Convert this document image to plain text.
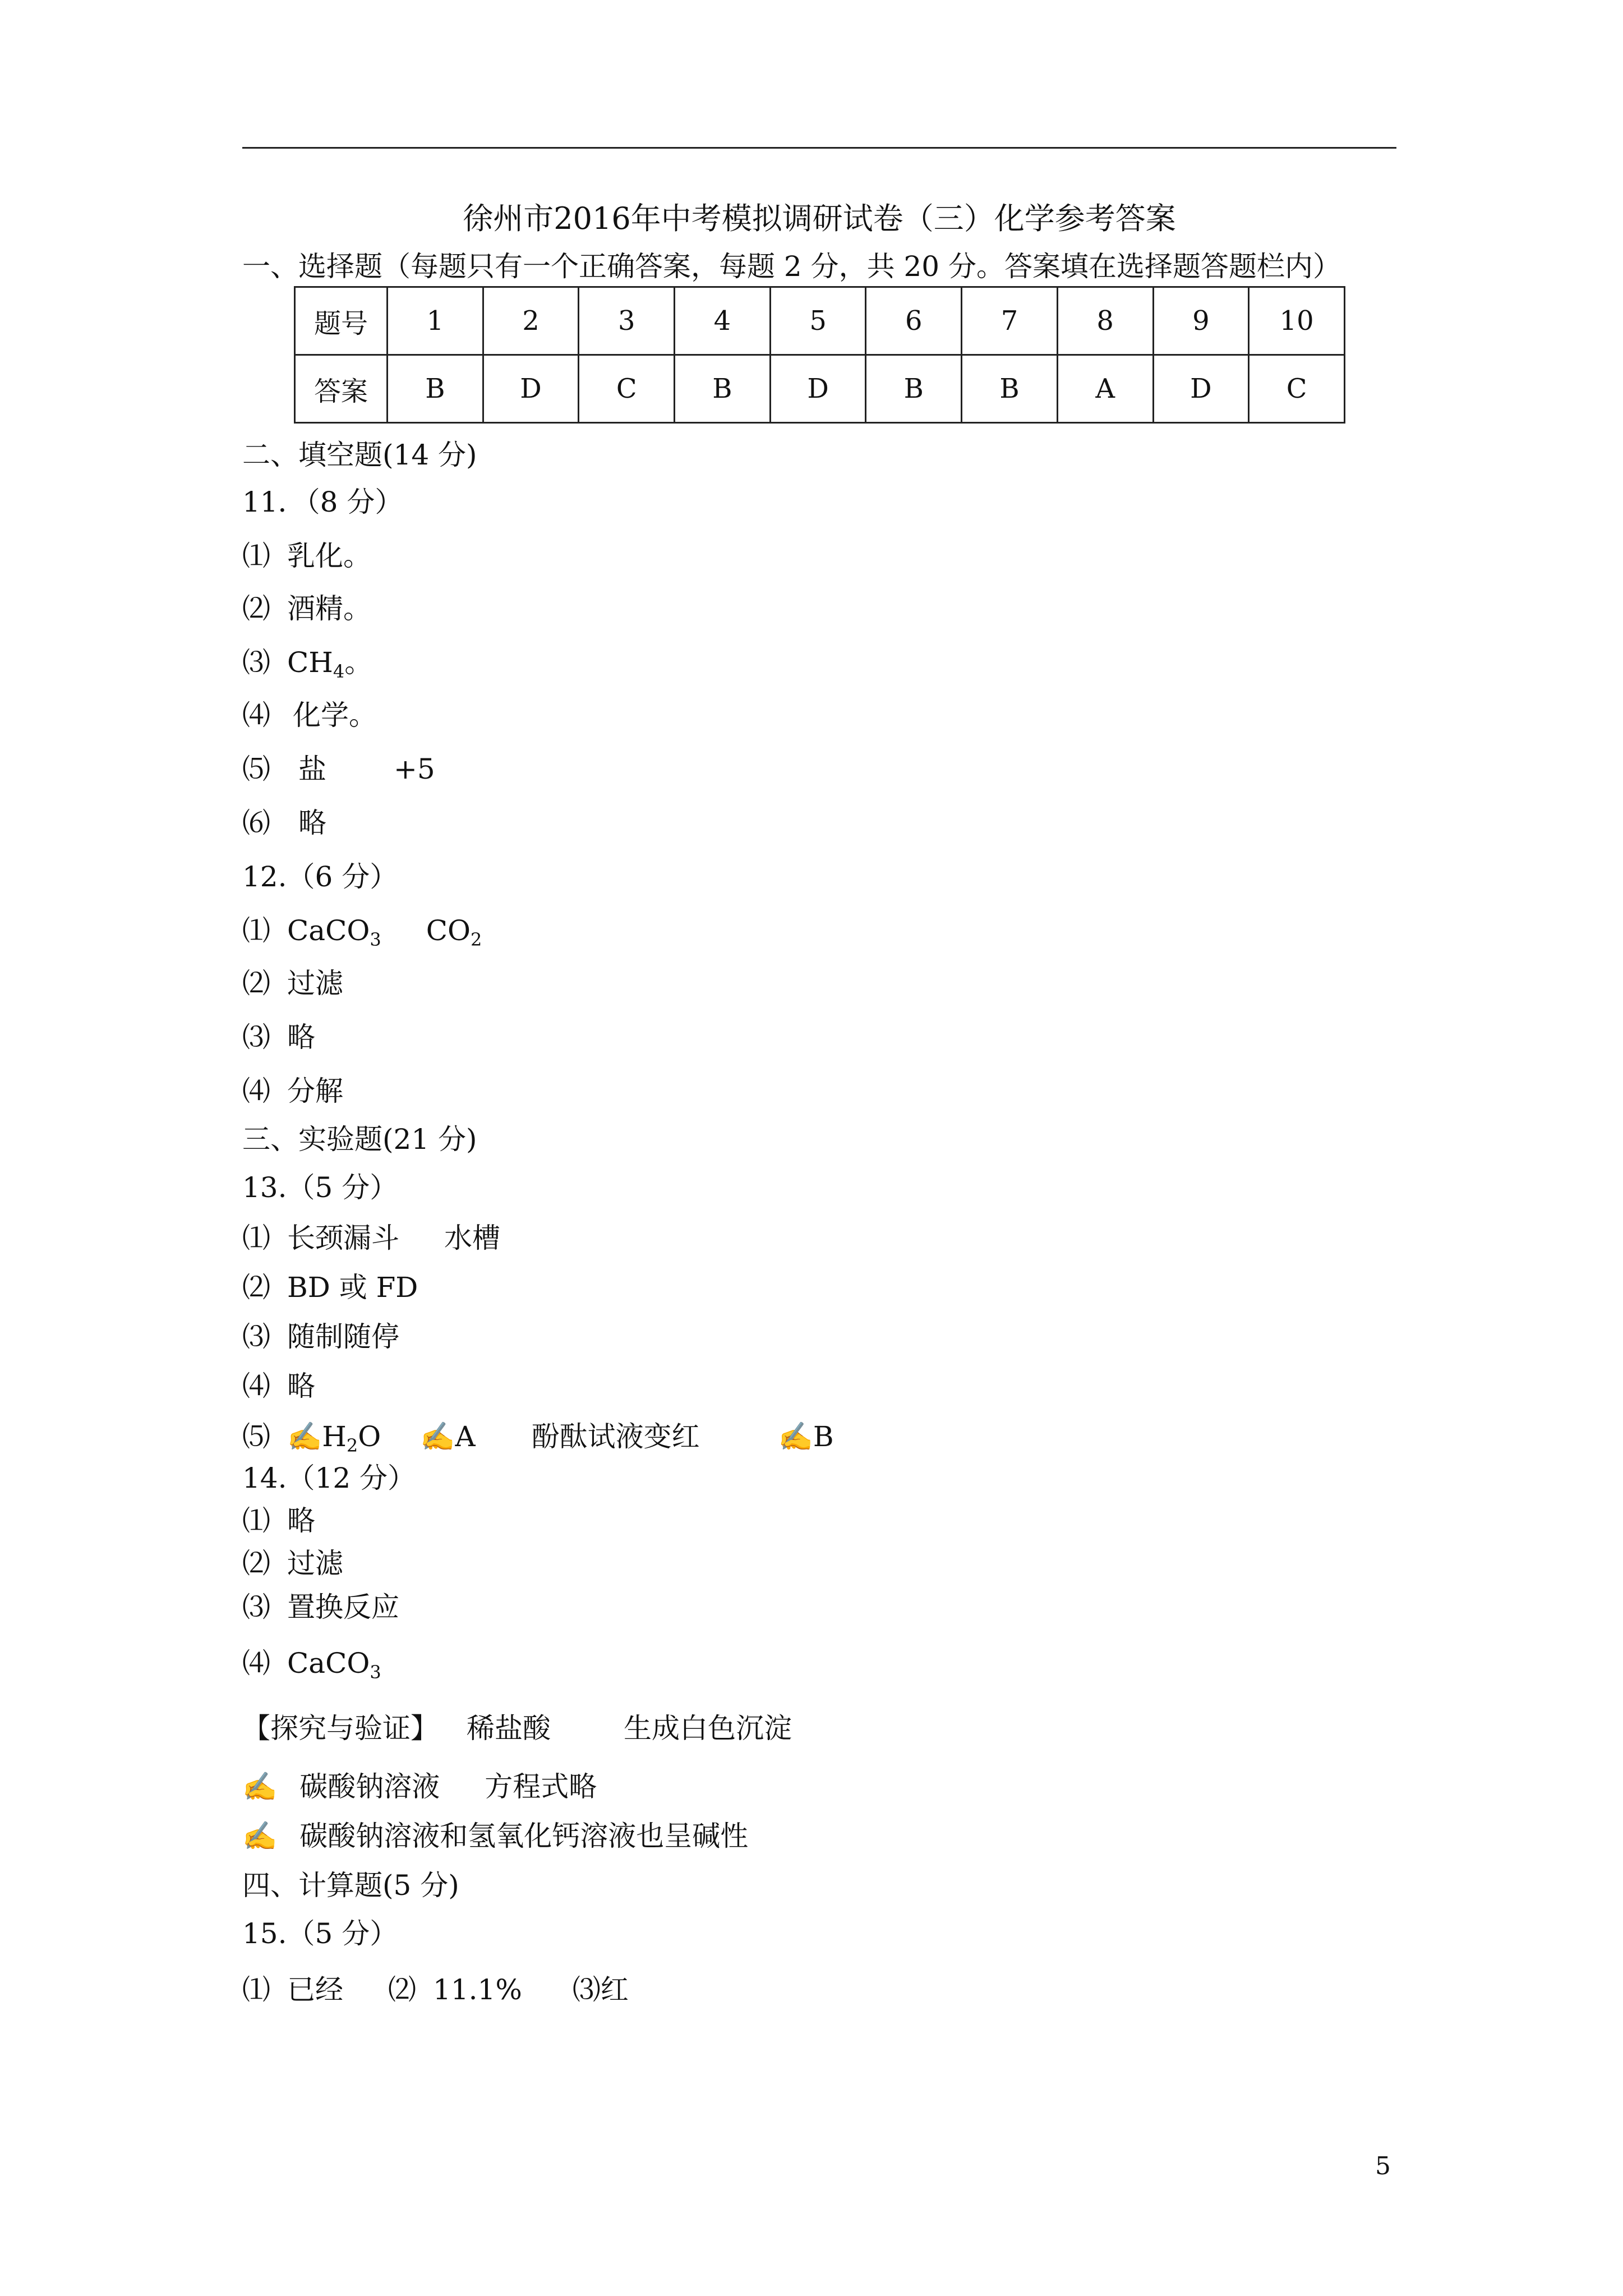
徐州市2016年中考模拟调研试卷（三）化学参考答案
一、选择题（每题只有一个正确答案，每题 2 分，共 20 分。答案填在选择题答题栏内）
题号	1	2	3	4	5	6	7	8	9	10
答案	B	D	C	B	D	B	B	A	D	C
二、填空题(14 分)
11．（8 分）
⑴ 乳化。
⑵ 酒精。
⑶ $CH_4$。
⑷ 化学。
⑸ 盐 +5
⑹ 略
12.（6 分）
⑴ CaCO$_3$ $CO_2$
⑵ 过滤
⑶ 略
⑷ 分解
三、实验题(21 分)
13.（5 分）
⑴ 长颈漏斗 水槽
⑵ BD 或 FD
⑶ 随制随停
⑷ 略
⑸ $✍H_2O$ ✍A 酚酞试液变红	✍B
14.（12 分）
⑴ 略
⑵ 过滤
⑶ 置换反应
⑷ CaCO$_3$
【探究与验证】 稀盐酸	生成白色沉淀
✍ 碳酸钠溶液 方程式略
✍ 碳酸钠溶液和氢氧化钙溶液也呈碱性
四、计算题(5 分)
15.（5 分）
⑴ 已经 ⑵ 11.1% ⑶红
5
